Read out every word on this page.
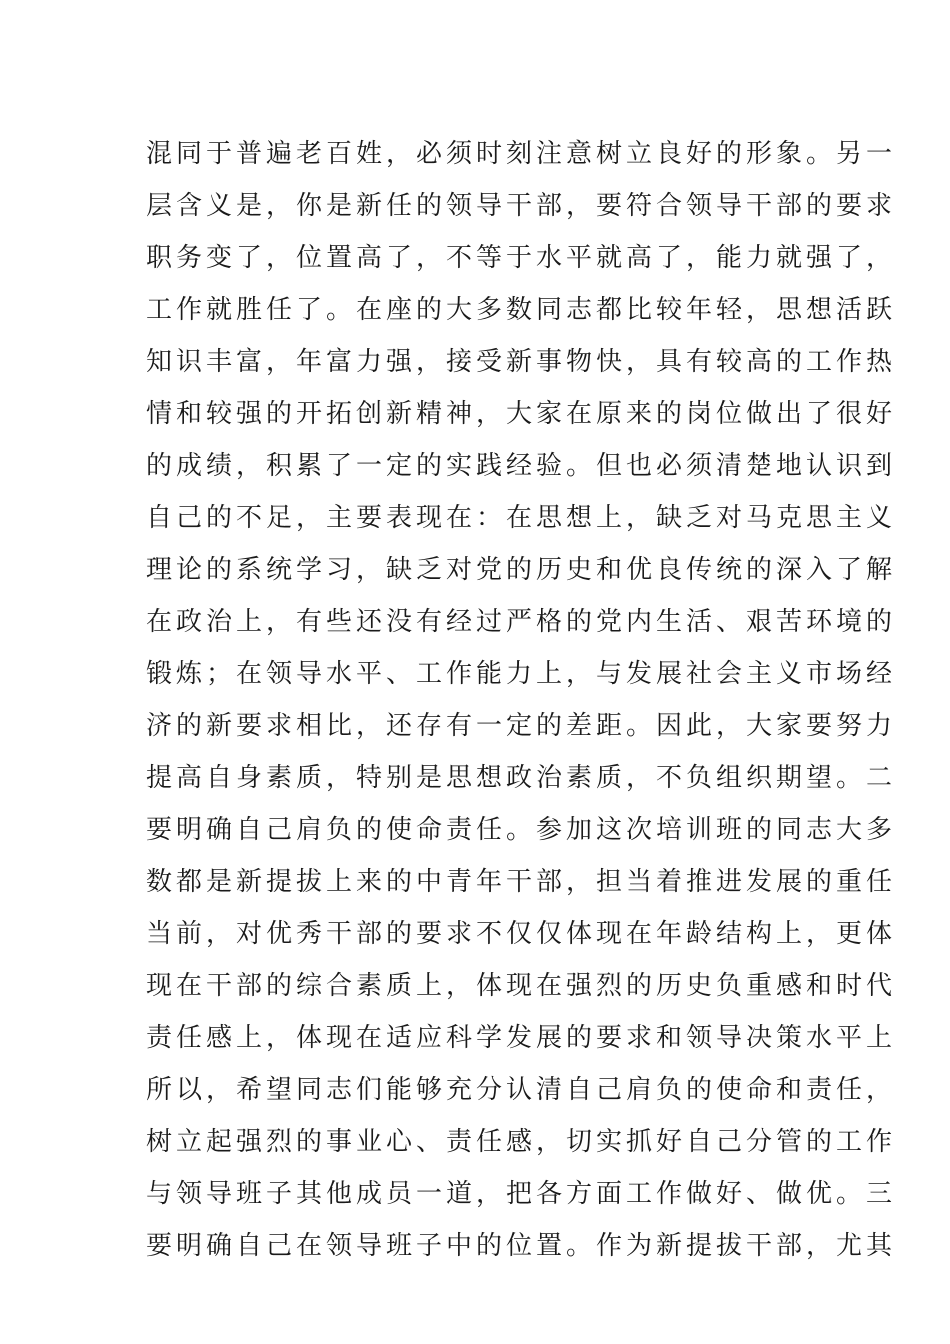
混同于普遍老百姓，必须时刻注意树立良好的形象。另一
层含义是，你是新任的领导干部，要符合领导干部的要求
职务变了，位置高了，不等于水平就高了，能力就强了，
工作就胜任了。在座的大多数同志都比较年轻，思想活跃
知识丰富，年富力强，接受新事物快，具有较高的工作热
情和较强的开拓创新精神，大家在原来的岗位做出了很好
的成绩，积累了一定的实践经验。但也必须清楚地认识到
自己的不足，主要表现在：在思想上，缺乏对马克思主义
理论的系统学习，缺乏对党的历史和优良传统的深入了解
在政治上，有些还没有经过严格的党内生活、艰苦环境的
锻炼；在领导水平、工作能力上，与发展社会主义市场经
济的新要求相比，还存有一定的差距。因此，大家要努力
提高自身素质，特别是思想政治素质，不负组织期望。二
要明确自己肩负的使命责任。参加这次培训班的同志大多
数都是新提拔上来的中青年干部，担当着推进发展的重任
当前，对优秀干部的要求不仅仅体现在年龄结构上，更体
现在干部的综合素质上，体现在强烈的历史负重感和时代
责任感上，体现在适应科学发展的要求和领导决策水平上
所以，希望同志们能够充分认清自己肩负的使命和责任，
树立起强烈的事业心、责任感，切实抓好自己分管的工作
与领导班子其他成员一道，把各方面工作做好、做优。三
要明确自己在领导班子中的位置。作为新提拔干部，尤其
